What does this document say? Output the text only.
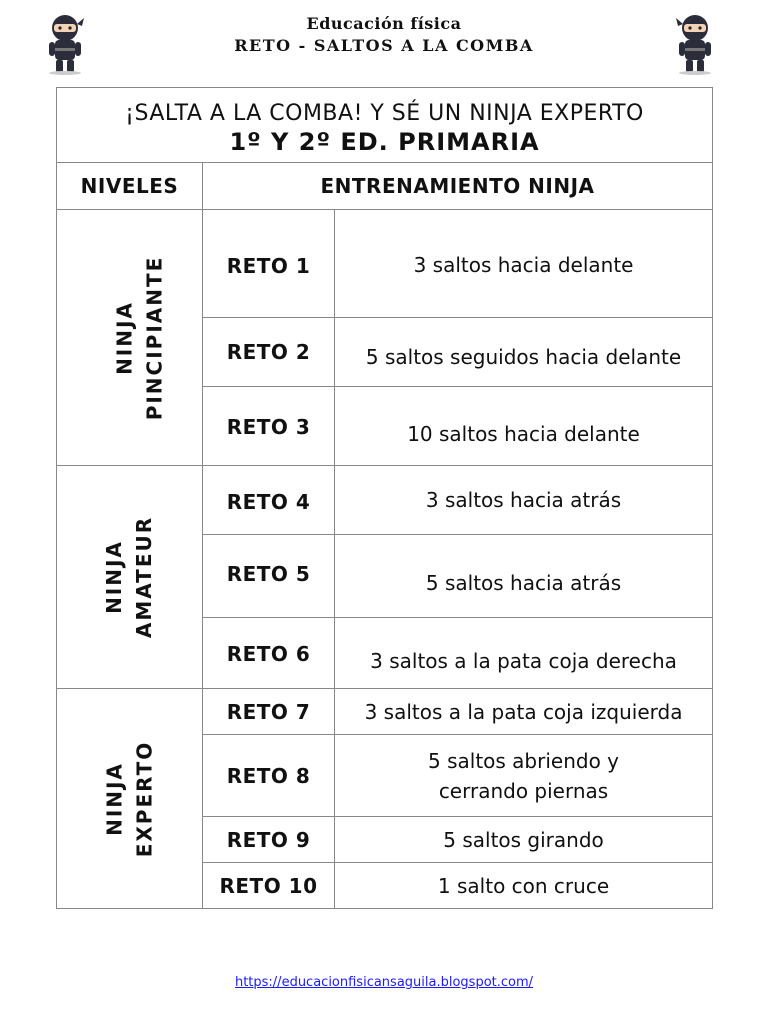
Educación física
RETO - SALTOS A LA COMBA
¡SALTA A LA COMBA! Y SÉ UN NINJA EXPERTO
1º Y 2º ED. PRIMARIA		

NIVELES	ENTRENAMIENTO NINJA	

NINJA PINCIPIANTE	RETO 1	3 saltos hacia delante
	RETO 2	5 saltos seguidos hacia delante
	RETO 3	10 saltos hacia delante

NINJA AMATEUR	RETO 4	3 saltos hacia atrás
	RETO 5	5 saltos hacia atrás
	RETO 6	3 saltos a la pata coja derecha

NINJA EXPERTO	RETO 7	3 saltos a la pata coja izquierda
	RETO 8	5 saltos abriendo y cerrando piernas
	RETO 9	5 saltos girando
	RETO 10	1 salto con cruce
https://educacionfisicansaguila.blogspot.com/
